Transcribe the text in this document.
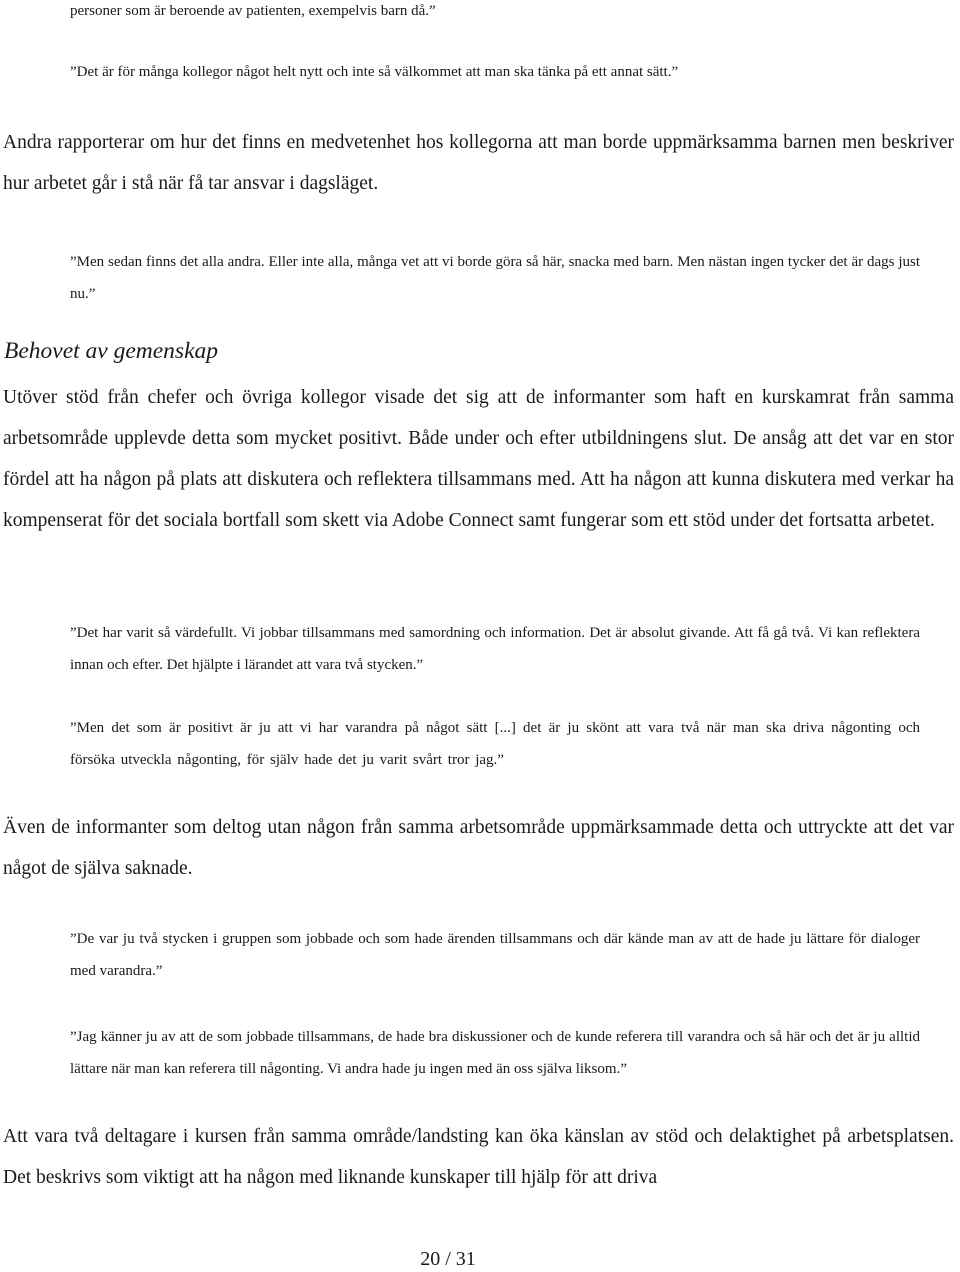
personer som är beroende av patienten, exempelvis barn då.”

”Det är för många kollegor något helt nytt och inte så välkommet att man ska tänka på ett annat sätt.”

Andra rapporterar om hur det finns en medvetenhet hos kollegorna att man borde uppmärksamma barnen men beskriver hur arbetet går i stå när få tar ansvar i dagsläget.

”Men sedan finns det alla andra. Eller inte alla, många vet att vi borde göra så här, snacka med barn. Men nästan ingen tycker det är dags just nu.”

Behovet av gemenskap

Utöver stöd från chefer och övriga kollegor visade det sig att de informanter som haft en kurskamrat från samma arbetsområde upplevde detta som mycket positivt. Både under och efter utbildningens slut. De ansåg att det var en stor fördel att ha någon på plats att diskutera och reflektera tillsammans med. Att ha någon att kunna diskutera med verkar ha kompenserat för det sociala bortfall som skett via Adobe Connect samt fungerar som ett stöd under det fortsatta arbetet.

”Det har varit så värdefullt. Vi jobbar tillsammans med samordning och information. Det är absolut givande. Att få gå två. Vi kan reflektera innan och efter. Det hjälpte i lärandet att vara två stycken.”

”Men det som är positivt är ju att vi har varandra på något sätt [...] det är ju skönt att vara två när man ska driva någonting och försöka utveckla någonting, för själv hade det ju varit svårt tror jag.”

Även de informanter som deltog utan någon från samma arbetsområde uppmärksammade detta och uttryckte att det var något de själva saknade.

”De var ju två stycken i gruppen som jobbade och som hade ärenden tillsammans och där kände man av att de hade ju lättare för dialoger med varandra.”

”Jag känner ju av att de som jobbade tillsammans, de hade bra diskussioner och de kunde referera till varandra och så här och det är ju alltid lättare när man kan referera till någonting. Vi andra hade ju ingen med än oss själva liksom.”

Att vara två deltagare i kursen från samma område/landsting kan öka känslan av stöd och delaktighet på arbetsplatsen. Det beskrivs som viktigt att ha någon med liknande kunskaper till hjälp för att driva

20 / 31
